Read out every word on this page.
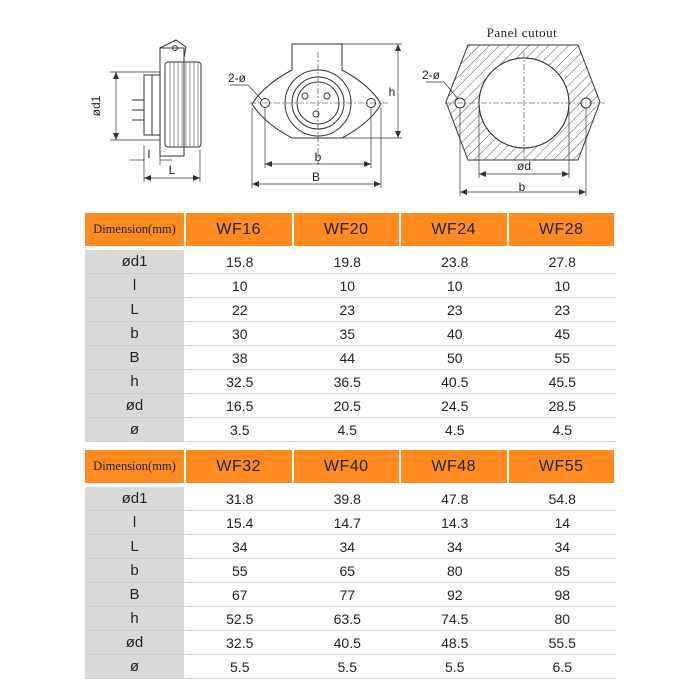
ød1
l
L
2-ø
b
B
h
Panel cutout
2-ø
ød
b
Dimension(mm)	WF16	WF20	WF24	WF28

ød1	15.8	19.8	23.8	27.8
l	10	10	10	10
L	22	23	23	23
b	30	35	40	45
B	38	44	50	55
h	32.5	36.5	40.5	45.5
ød	16.5	20.5	24.5	28.5
ø	3.5	4.5	4.5	4.5
Dimension(mm)	WF32	WF40	WF48	WF55

ød1	31.8	39.8	47.8	54.8
l	15.4	14.7	14.3	14
L	34	34	34	34
b	55	65	80	85
B	67	77	92	98
h	52.5	63.5	74.5	80
ød	32.5	40.5	48.5	55.5
ø	5.5	5.5	5.5	6.5
